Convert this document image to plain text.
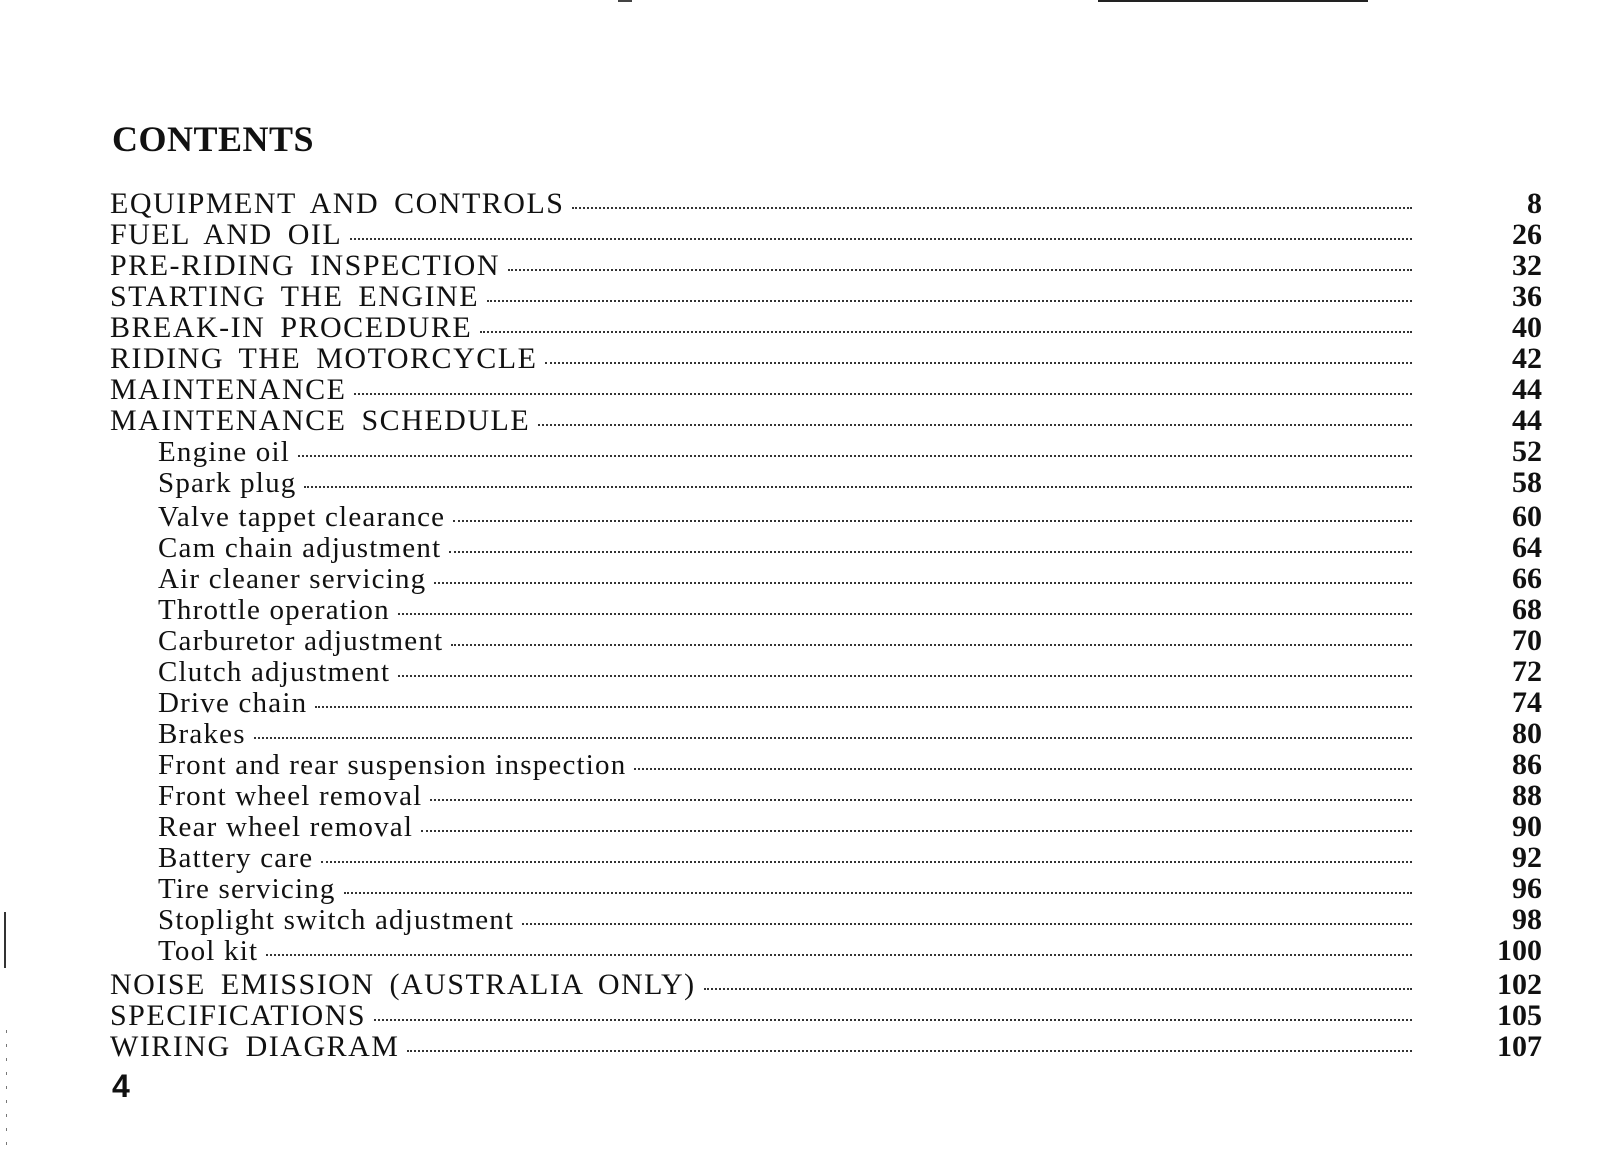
CONTENTS
EQUIPMENT AND CONTROLS	8
FUEL AND OIL	26
PRE-RIDING INSPECTION	32
STARTING THE ENGINE	36
BREAK-IN PROCEDURE	40
RIDING THE MOTORCYCLE	42
MAINTENANCE	44
MAINTENANCE SCHEDULE	44
Engine oil	52
Spark plug	58
Valve tappet clearance	60
Cam chain adjustment	64
Air cleaner servicing	66
Throttle operation	68
Carburetor adjustment	70
Clutch adjustment	72
Drive chain	74
Brakes	80
Front and rear suspension inspection	86
Front wheel removal	88
Rear wheel removal	90
Battery care	92
Tire servicing	96
Stoplight switch adjustment	98
Tool kit	100
NOISE EMISSION (AUSTRALIA ONLY)	102
SPECIFICATIONS	105
WIRING DIAGRAM	107
4
